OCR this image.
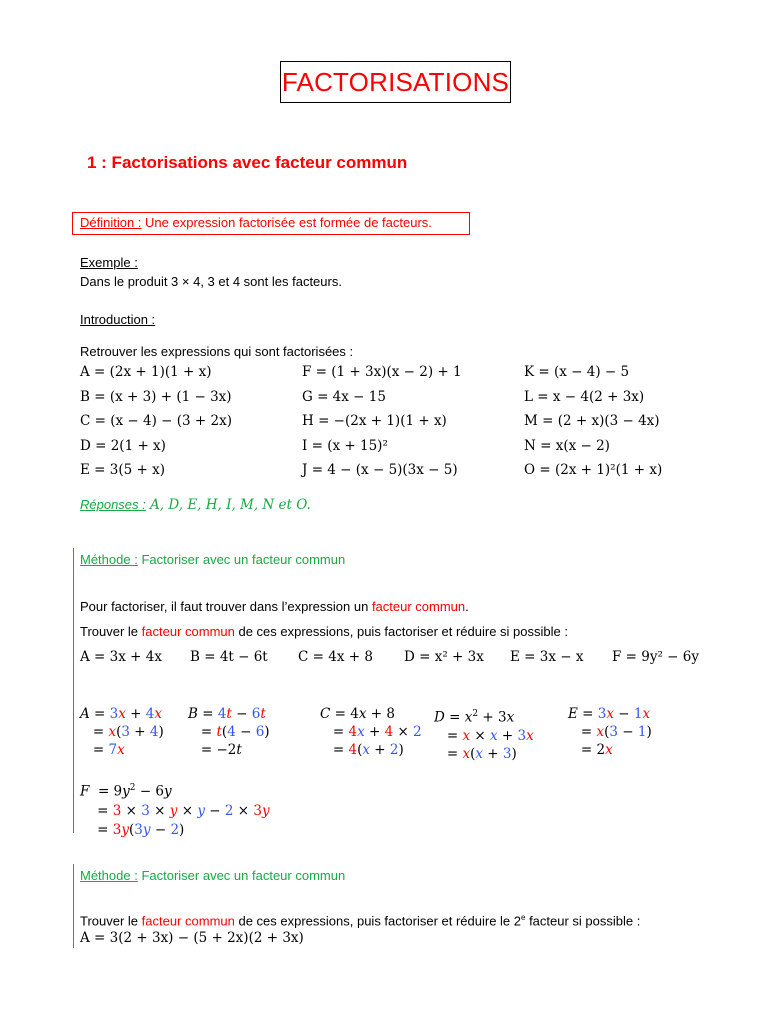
FACTORISATIONS
1 : Factorisations avec facteur commun
Définition : Une expression factorisée est formée de facteurs.
Exemple :
Dans le produit 3 × 4, 3 et 4 sont les facteurs.
Introduction :
Retrouver les expressions qui sont factorisées :
A = (2x + 1)(1 + x)
B = (x + 3) + (1 − 3x)
C = (x − 4) − (3 + 2x)
D = 2(1 + x)
E = 3(5 + x)
F = (1 + 3x)(x − 2) + 1
G = 4x − 15
H = −(2x + 1)(1 + x)
I = (x + 15)²
J = 4 − (x − 5)(3x − 5)
K = (x − 4) − 5
L = x − 4(2 + 3x)
M = (2 + x)(3 − 4x)
N = x(x − 2)
O = (2x + 1)²(1 + x)
Réponses : A, D, E, H, I, M, N et O.
Méthode : Factoriser avec un facteur commun
Pour factoriser, il faut trouver dans l’expression un facteur commun.
Trouver le facteur commun de ces expressions, puis factoriser et réduire si possible :
A = 3x + 4x B = 4t − 6t C = 4x + 8 D = x² + 3x E = 3x − x F = 9y² − 6y
A = 3x + 4x
= x(3 + 4)
= 7x
B = 4t − 6t
= t(4 − 6)
= −2t
C = 4x + 8
= 4x + 4 × 2
= 4(x + 2)
$D = x^2 + 3x$
= x × x + 3x
= x(x + 3)
E = 3x − 1x
= x(3 − 1)
= 2x
$F = 9y^2 - 6y$
= 3 × 3 × y × y − 2 × 3y
= 3y(3y − 2)
Méthode : Factoriser avec un facteur commun
Trouver le facteur commun de ces expressions, puis factoriser et réduire le 2e facteur si possible :
A = 3(2 + 3x) − (5 + 2x)(2 + 3x)
